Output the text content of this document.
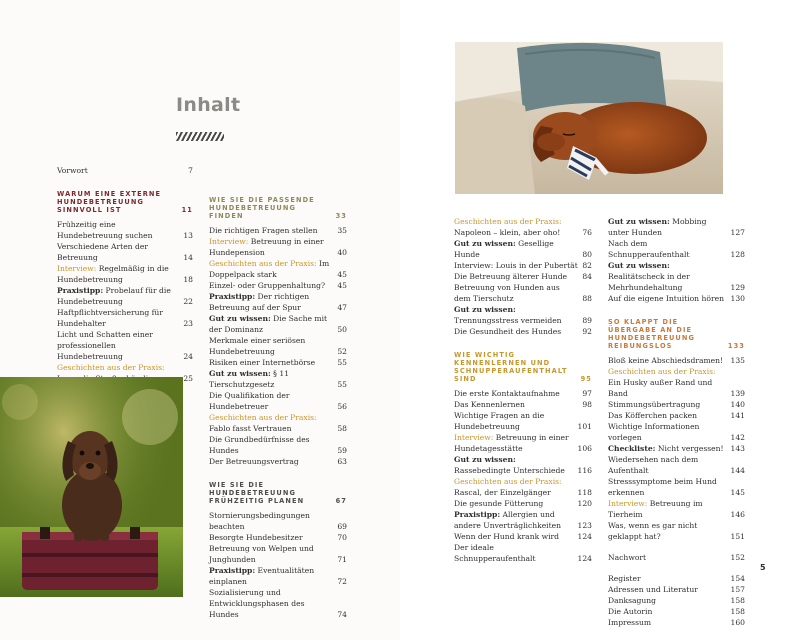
Inhalt
Vorwort	7
WARUM EINE EXTERNE HUNDEBETREUUNG SINNVOLL IST	11
Frühzeitig eine Hundebetreuung suchen	13
Verschiedene Arten der Betreuung	14
Interview: Regelmäßig in die Hundebetreuung	18
Praxistipp: Probelauf für die Hundebetreuung	22
Haftpflichtversicherung für Hundehalter	23
Licht und Schatten einer professionellen Hundebetreuung	24
Geschichten aus der Praxis:
25
WIE SIE DIE PASSENDE HUNDEBETREUUNG FINDEN	33
Die richtigen Fragen stellen	35
Interview: Betreuung in einer Hundepension	40
Geschichten aus der Praxis: Im Doppelpack stark	45
Einzel- oder Gruppenhaltung?	45
Praxistipp: Der richtigen Betreuung auf der Spur	47
Gut zu wissen: Die Sache mit der Dominanz	50
Merkmale einer seriösen Hundebetreuung	52
Risiken einer Internetbörse	55
Gut zu wissen: § 11 Tierschutzgesetz	55
Die Qualifikation der Hundebetreuer	56
Geschichten aus der Praxis: Fablo fasst Vertrauen	58
Die Grundbedürfnisse des Hundes	59
Der Betreuungsvertrag	63
WIE SIE DIE HUNDEBETREUUNG FRÜHZEITIG PLANEN	67
Stornierungsbedingungen beachten	69
Besorgte Hundebesitzer	70
Betreuung von Welpen und Junghunden	71
Praxistipp: Eventualitäten einplanen	72
Sozialisierung und Entwicklungsphasen des Hundes	74
Geschichten aus der Praxis: Napoleon – klein, aber oho!	76
Gut zu wissen: Gesellige Hunde	80
Interview: Louis in der Pubertät 82
Die Betreuung älterer Hunde	84
Betreuung von Hunden aus dem Tierschutz	88
Gut zu wissen: Trennungsstress vermeiden	89
Die Gesundheit des Hundes	92
WIE WICHTIG KENNENLERNEN UND SCHNUPPERAUFENTHALT SIND	95
Die erste Kontaktaufnahme	97
Das Kennenlernen	98
Wichtige Fragen an die Hundebetreuung	101
Interview: Betreuung in einer Hundetagesstätte	106
Gut zu wissen: Rassebedingte Unterschiede	116
Geschichten aus der Praxis: Rascal, der Einzelgänger	118
Die gesunde Fütterung	120
Praxistipp: Allergien und andere Unverträglichkeiten	123
Wenn der Hund krank wird	124
Der ideale Schnupperaufenthalt	124
Gut zu wissen: Mobbing unter Hunden	127
Nach dem Schnupperaufenthalt	128
Gut zu wissen: Realitätscheck in der Mehrhundehaltung	129
Auf die eigene Intuition hören 130
SO KLAPPT DIE ÜBERGABE AN DIE HUNDEBETREUUNG REIBUNGSLOS	133
Bloß keine Abschiedsdramen! 135
Geschichten aus der Praxis: Ein Husky außer Rand und Band	139
Stimmungsübertragung	140
Das Köfferchen packen	141
Wichtige Informationen vorlegen	142
Checkliste: Nicht vergessen! 143
Wiedersehen nach dem Aufenthalt	144
Stresssymptome beim Hund erkennen	145
Interview: Betreuung im Tierheim	146
Was, wenn es gar nicht geklappt hat?	151
Nachwort	152
Register	154
Adressen und Literatur	157
Danksagung	158
Die Autorin	158
Impressum	160
5
